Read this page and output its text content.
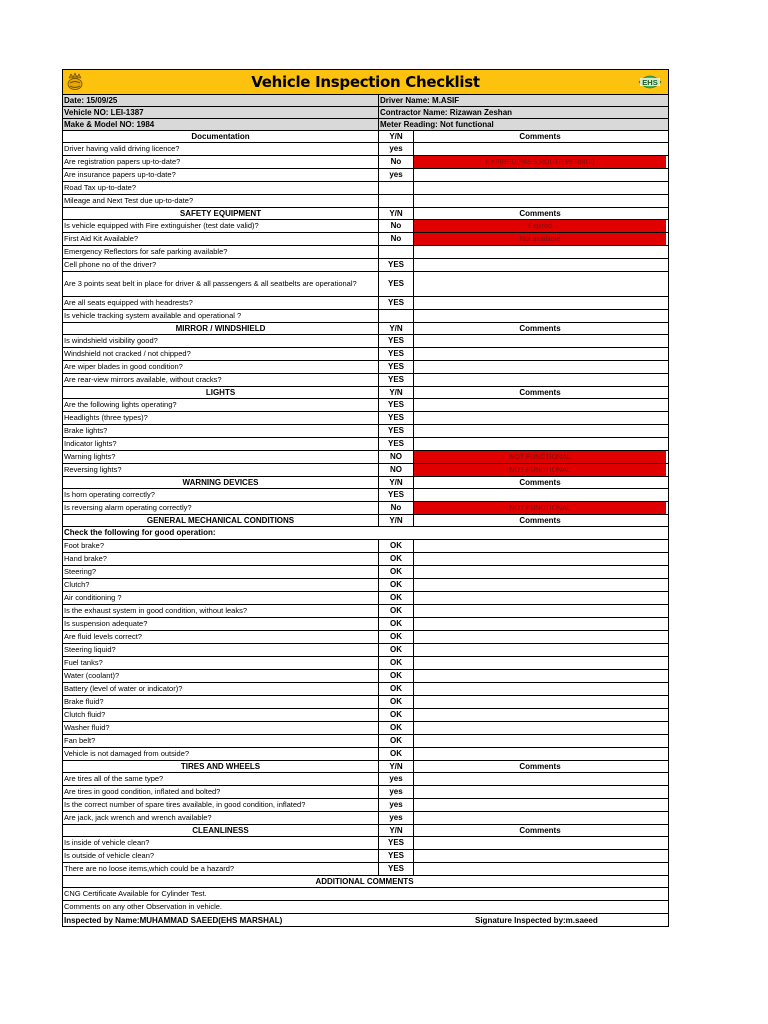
Vehicle Inspection Checklist	EHS
Date: 15/09/25	Driver Name: M.ASIF
Vehicle NO: LEI-1387	Contractor Name: Rizawan Zeshan
Make & Model NO: 1984	Meter Reading: Not functional
Documentation	Y/N	Comments
Driver having valid driving licence?	yes
Are registration papers up-to-date?	No	EXPIRED(PASS,ROUTE PERMIT)
Are insurance papers up-to-date?	yes
Road Tax up-to-date?
Mileage and Next Test due up-to-date?
SAFETY EQUIPMENT	Y/N	Comments
Is vehicle equipped with Fire extinguisher (test date valid)?	No	Expired
First Aid Kit Available?	No	Not available
Emergency Reflectors for safe parking available?
Cell phone no of the driver?	YES
Are 3 points seat belt in place for driver & all passengers & all seatbelts are operational?	YES
Are all seats equipped with headrests?	YES
Is vehicle tracking system available and operational ?
MIRROR / WINDSHIELD	Y/N	Comments
Is windshield visibility good?	YES
Windshield not cracked / not chipped?	YES
Are wiper blades in good condition?	YES
Are rear-view mirrors available, without cracks?	YES
LIGHTS	Y/N	Comments
Are the following lights operating?	YES
Headlights (three types)?	YES
Brake lights?	YES
Indicator lights?	YES
Warning lights?	NO	NOT FUNCTIONAL
Reversing lights?	NO	NOT FUNCTIONAL
WARNING DEVICES	Y/N	Comments
Is horn operating correctly?	YES
Is reversing alarm operating correctly?	No	NOT FUNCTIONAL
GENERAL MECHANICAL CONDITIONS	Y/N	Comments
Check the following for good operation:
Foot brake?	OK
Hand brake?	OK
Steering?	OK
Clutch?	OK
Air conditioning ?	OK
Is the exhaust system in good condition, without leaks?	OK
Is suspension adequate?	OK
Are fluid levels correct?	OK
Steering liquid?	OK
Fuel tanks?	OK
Water (coolant)?	OK
Battery (level of water or indicator)?	OK
Brake fluid?	OK
Clutch fluid?	OK
Washer fluid?	OK
Fan belt?	OK
Vehicle is not damaged from outside?	OK
TIRES AND WHEELS	Y/N	Comments
Are tires all of the same type?	yes
Are tires in good condition, inflated and bolted?	yes
Is the correct number of spare tires available, in good condition, inflated?	yes
Are jack, jack wrench and wrench available?	yes
CLEANLINESS	Y/N	Comments
Is inside of vehicle clean?	YES
Is outside of vehicle clean?	YES
There are no loose items,which could be a hazard?	YES
ADDITIONAL COMMENTS
CNG Certificate Available for Cylinder Test.
Comments on any other Observation in vehicle.
Inspected by Name:MUHAMMAD SAEED(EHS MARSHAL)	Signature Inspected by:m.saeed
